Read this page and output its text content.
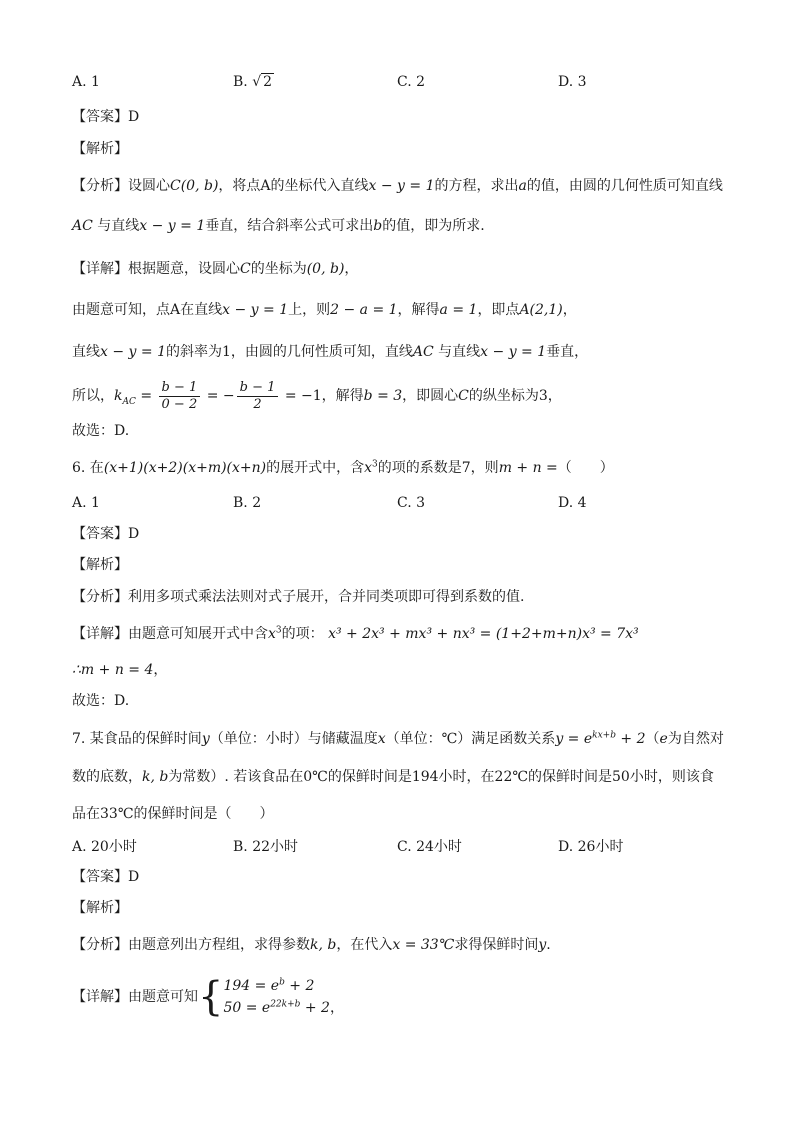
A. 1	B. √ 2	C. 2	D. 3
【答案】D
【解析】
【分析】设圆心C(0, b)，将点A的坐标代入直线x − y = 1的方程，求出a的值，由圆的几何性质可知直线
AC 与直线x − y = 1垂直，结合斜率公式可求出b的值，即为所求.
【详解】根据题意，设圆心C的坐标为(0, b)，
由题意可知，点A在直线x − y = 1上，则2 − a = 1，解得a = 1，即点A(2,1)，
直线x − y = 1的斜率为1，由圆的几何性质可知，直线AC 与直线x − y = 1垂直，
所以，$k_{AC} = \frac{b - 1}{0 - 2}$ = − $\frac{b - 1}{2} = -1$，解得b = 3，即圆心C的纵坐标为3，
故选：D.
6. 在(x+1)(x+2)(x+m)(x+n)的展开式中，含$x^3$的项的系数是7，则m + n =（　　）
A. 1	B. 2	C. 3	D. 4
【答案】D
【解析】
【分析】利用多项式乘法法则对式子展开，合并同类项即可得到系数的值.
【详解】由题意可知展开式中含$x^3$的项： x³ + 2x³ + mx³ + nx³ = (1+2+m+n)x³ = 7x³
∴m + n = 4，
故选：D.
7. 某食品的保鲜时间y（单位：小时）与储藏温度x（单位：℃）满足函数关系$y = e^{kx+b} + 2(e$为自然对
数的底数，k, b为常数）. 若该食品在0℃的保鲜时间是194小时，在22℃的保鲜时间是50小时，则该食
品在33℃的保鲜时间是（　　）
A. 20小时	B. 22小时	C. 24小时	D. 26小时
【答案】D
【解析】
【分析】由题意列出方程组，求得参数k, b，在代入x = 33℃求得保鲜时间y.
【详解】由题意可知{ $194 = e^b + 2$
$50 = e^{22k+b} + 2$，
